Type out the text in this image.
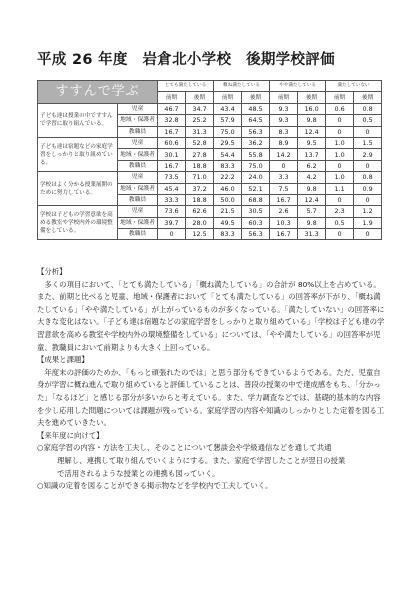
平成 26 年度　岩倉北小学校　後期学校評価
すすんで学ぶ		とても満たしている		概ね満たしている		やや満たしている		満たしていない	
		前期	後期	前期	後期	前期	後期	前期	後期
子ども達は授業の中ですすんで学習に取り組んでいる。	児童	46.7	34.7	43.4	48.5	9.3	16.0	0.6	0.8
	地域・保護者	32.8	25.2	57.9	64.5	9.3	9.8	0	0.5
	教職員	16.7	31.3	75.0	56.3	8.3	12.4	0	0
子ども達は宿題などの家庭学習をしっかりと取り組めている。	児童	60.6	52.8	29.5	36.2	8.9	9.5	1.0	1.5
	地域・保護者	30.1	27.8	54.4	55.8	14.2	13.7	1.0	2.9
	教職員	16.7	18.8	83.3	75.0	0	6.2	0	0
学校はよく分かる授業展開のために努力している。	児童	73.5	71.0	22.2	24.0	3.3	4.2	1.0	0.8
	地域・保護者	45.4	37.2	46.0	52.1	7.5	9.8	1.1	0.9
	教職員	33.3	18.8	50.0	68.8	16.7	12.4	0	0
学校は子どもの学習意欲を高める教室や学校内外の環境整備をしている。	児童	73.6	62.6	21.5	30.5	2.6	5.7	2.3	1.2
	地域・保護者	39.7	28.0	49.5	60.3	10.3	9.8	0.5	1.9
	教職員	0	12.5	83.3	56.3	16.7	31.3	0	0

【分析】

多くの項目において、「とても満たしている」「概ね満たしている」の合計が 80%以上を占めている。また、前期と比べると児童、地域・保護者において「とても満たしている」の回答率が下がり、「概ね満たしている」「やや満たしている」が上がっているものが多くなっている。「満たしていない」の回答率に大きな変化はない。「子ども達は宿題などの家庭学習をしっかりと取り組めている」「学校は子ども達の学習意欲を高める教室や学校内外の環境整備をしている」については、「やや満たしている」の回答率が児童、教職員において前期よりも大きく上回っている。

【成果と課題】

年度末の評価のためか、「もっと頑張れたのでは」と思う部分もできているようである。ただ、児童自身が学習に概ね進んで取り組めていると評価していることは、普段の授業の中で達成感をもち、「分かった」「なるほど」と感じる部分が多いからと考えている。また、学力調査などでは、基礎的基本的な内容を少し応用した問題については課題が残っている。家庭学習の内容や知識のしっかりとした定着を図る工夫を進めていきたい。

【来年度に向けて】

○家庭学習の内容・方法を工夫し、そのことについて懇談会や学級通信などを通して共通

理解し、連携して取り組んでいくようにする。また、家庭で学習したことが翌日の授業

で活用されるような授業との連携も図っていく。

○知識の定着を図ることができる掲示物などを学校内で工夫していく。
